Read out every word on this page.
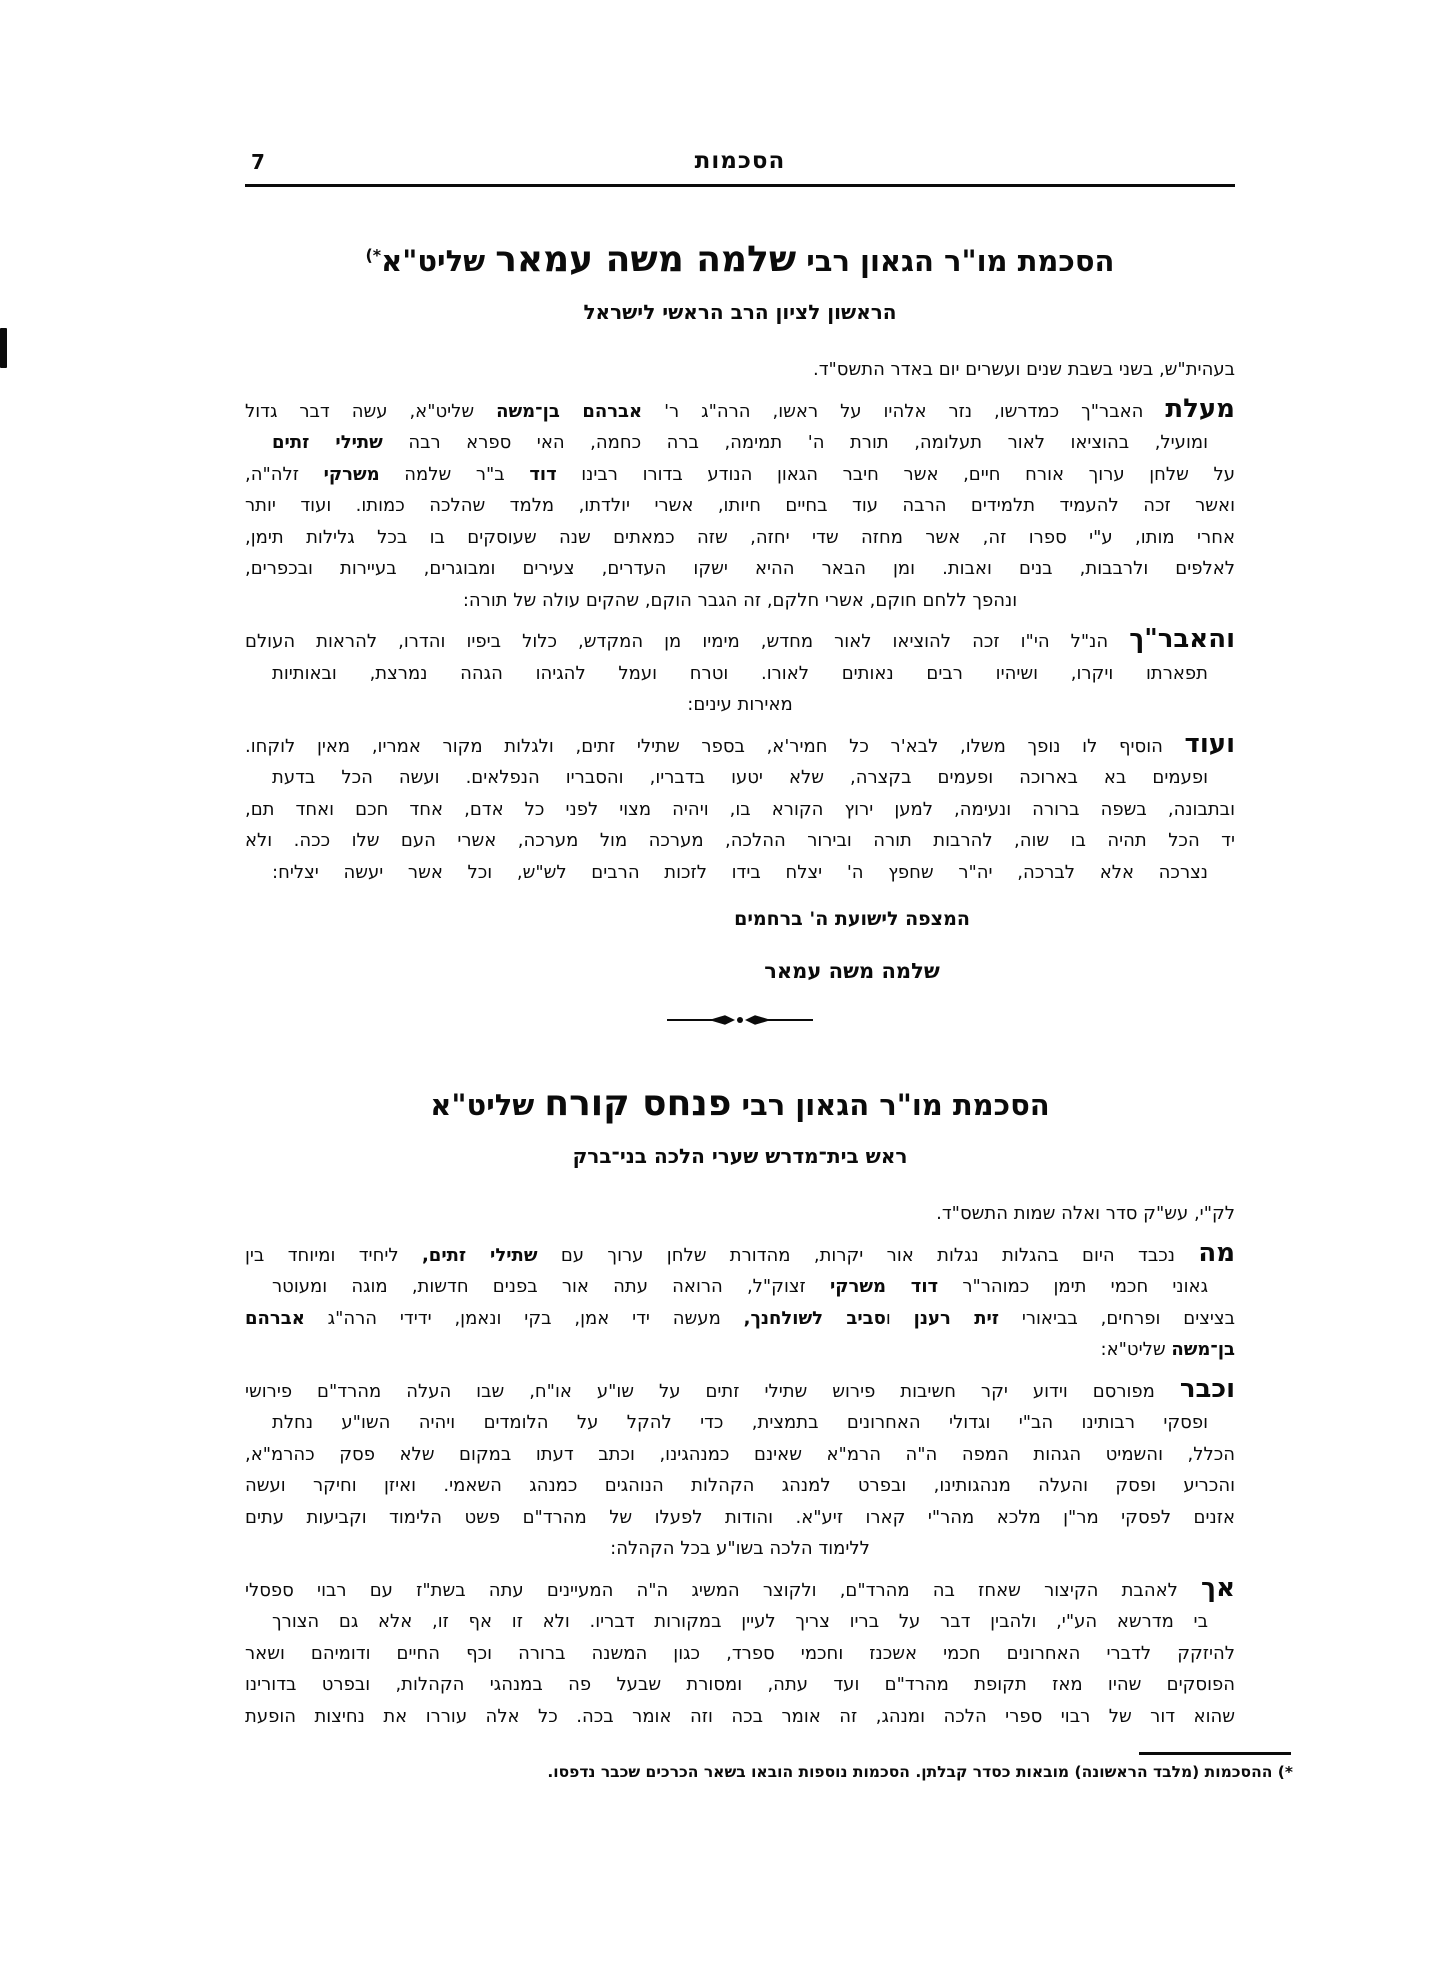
7	הסכמות
הסכמת מו"ר הגאון רבי שלמה משה עמאר שליט"א*)
הראשון לציון הרב הראשי לישראל
בעהית"ש, בשני בשבת שנים ועשרים יום באדר התשס"ד.
מעלת האבר"ך כמדרשו, נזר אלהיו על ראשו, הרה"ג ר' אברהם בן־משה שליט"א, עשה דבר גדול
ומועיל, בהוציאו לאור תעלומה, תורת ה' תמימה, ברה כחמה, האי ספרא רבה שתילי זתים
על שלחן ערוך אורח חיים, אשר חיבר הגאון הנודע בדורו רבינו דוד ב"ר שלמה משרקי זלה"ה,
ואשר זכה להעמיד תלמידים הרבה עוד בחיים חיותו, אשרי יולדתו, מלמד שהלכה כמותו. ועוד יותר
אחרי מותו, ע"י ספרו זה, אשר מחזה שדי יחזה, שזה כמאתים שנה שעוסקים בו בכל גלילות תימן,
לאלפים ולרבבות, בנים ואבות. ומן הבאר ההיא ישקו העדרים, צעירים ומבוגרים, בעיירות ובכפרים,
ונהפך ללחם חוקם, אשרי חלקם, זה הגבר הוקם, שהקים עולה של תורה:
והאבר"ך הנ"ל הי"ו זכה להוציאו לאור מחדש, מימיו מן המקדש, כלול ביפיו והדרו, להראות העולם
תפארתו ויקרו, ושיהיו רבים נאותים לאורו. וטרח ועמל להגיהו הגהה נמרצת, ובאותיות
מאירות עינים:
ועוד הוסיף לו נופך משלו, לבא'ר כל חמיר'א, בספר שתילי זתים, ולגלות מקור אמריו, מאין לוקחו.
ופעמים בא בארוכה ופעמים בקצרה, שלא יטעו בדבריו, והסבריו הנפלאים. ועשה הכל בדעת
ובתבונה, בשפה ברורה ונעימה, למען ירוץ הקורא בו, ויהיה מצוי לפני כל אדם, אחד חכם ואחד תם,
יד הכל תהיה בו שוה, להרבות תורה ובירור ההלכה, מערכה מול מערכה, אשרי העם שלו ככה. ולא
נצרכה אלא לברכה, יה"ר שחפץ ה' יצלח בידו לזכות הרבים לש"ש, וכל אשר יעשה יצליח:
המצפה לישועת ה' ברחמים
שלמה משה עמאר
הסכמת מו"ר הגאון רבי פנחס קורח שליט"א
ראש בית־מדרש שערי הלכה בני־ברק
לק"י, עש"ק סדר ואלה שמות התשס"ד.
מה נכבד היום בהגלות נגלות אור יקרות, מהדורת שלחן ערוך עם שתילי זתים, ליחיד ומיוחד בין
גאוני חכמי תימן כמוהר"ר דוד משרקי זצוק"ל, הרואה עתה אור בפנים חדשות, מוגה ומעוטר
בציצים ופרחים, בביאורי זית רענן וסביב לשולחנך, מעשה ידי אמן, בקי ונאמן, ידידי הרה"ג אברהם
בן־משה שליט"א:
וכבר מפורסם וידוע יקר חשיבות פירוש שתילי זתים על שו"ע או"ח, שבו העלה מהרד"ם פירושי
ופסקי רבותינו הב"י וגדולי האחרונים בתמצית, כדי להקל על הלומדים ויהיה השו"ע נחלת
הכלל, והשמיט הגהות המפה ה"ה הרמ"א שאינם כמנהגינו, וכתב דעתו במקום שלא פסק כהרמ"א,
והכריע ופסק והעלה מנהגותינו, ובפרט למנהג הקהלות הנוהגים כמנהג השאמי. ואיזן וחיקר ועשה
אזנים לפסקי מר"ן מלכא מהר"י קארו זיע"א. והודות לפעלו של מהרד"ם פשט הלימוד וקביעות עתים
ללימוד הלכה בשו"ע בכל הקהלה:
אך לאהבת הקיצור שאחז בה מהרד"ם, ולקוצר המשיג ה"ה המעיינים עתה בשת"ז עם רבוי ספסלי
בי מדרשא הע"י, ולהבין דבר על בריו צריך לעיין במקורות דבריו. ולא זו אף זו, אלא גם הצורך
להיזקק לדברי האחרונים חכמי אשכנז וחכמי ספרד, כגון המשנה ברורה וכף החיים ודומיהם ושאר
הפוסקים שהיו מאז תקופת מהרד"ם ועד עתה, ומסורת שבעל פה במנהגי הקהלות, ובפרט בדורינו
שהוא דור של רבוי ספרי הלכה ומנהג, זה אומר בכה וזה אומר בכה. כל אלה עוררו את נחיצות הופעת
*) ההסכמות (מלבד הראשונה) מובאות כסדר קבלתן. הסכמות נוספות הובאו בשאר הכרכים שכבר נדפסו.
